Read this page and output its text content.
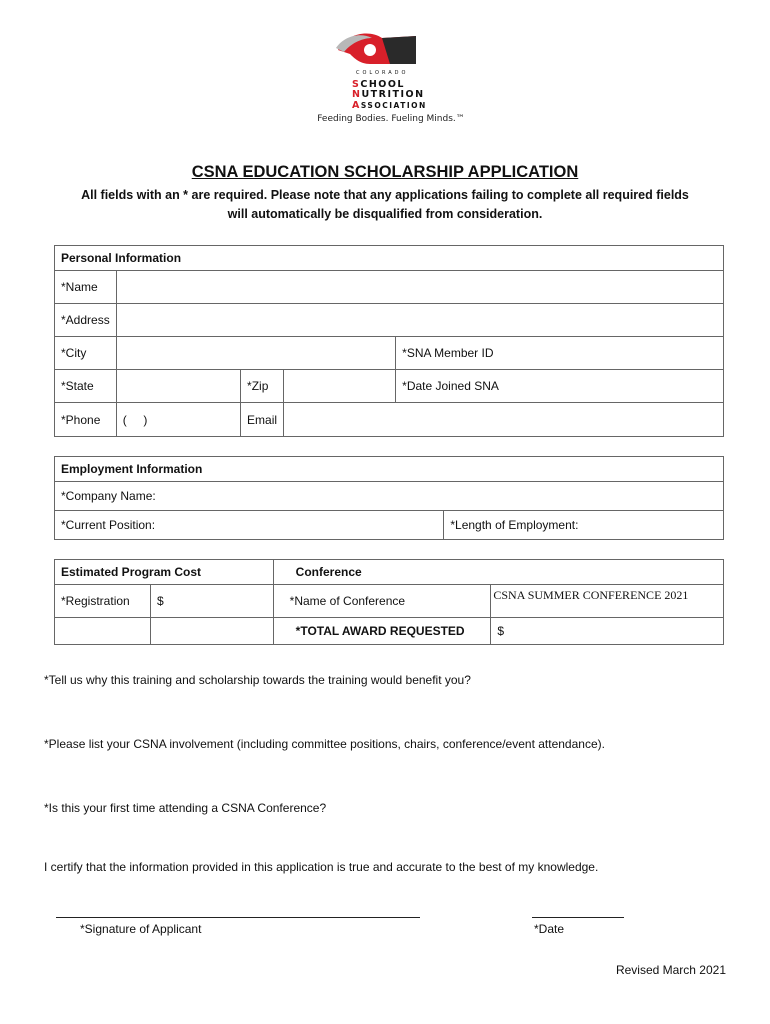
COLORADO
SCHOOL
NUTRITION
ASSOCIATION
Feeding Bodies. Fueling Minds.™
CSNA EDUCATION SCHOLARSHIP APPLICATION
All fields with an * are required. Please note that any applications failing to complete all required fields will automatically be disqualified from consideration.
Personal Information				
*Name				
*Address				
*City				*SNA Member ID
*State		*Zip		*Date Joined SNA
*Phone	(     )	Email		
Employment Information
*Company Name:
*Current Position:	*Length of Employment:
Estimated Program Cost		Conference	
*Registration	$	*Name of Conference	CSNA SUMMER CONFERENCE 2021
		*TOTAL AWARD REQUESTED	$
*Tell us why this training and scholarship towards the training would benefit you?
*Please list your CSNA involvement (including committee positions, chairs, conference/event attendance).
*Is this your first time attending a CSNA Conference?
I certify that the information provided in this application is true and accurate to the best of my knowledge.
*Signature of Applicant	*Date
Revised March 2021
